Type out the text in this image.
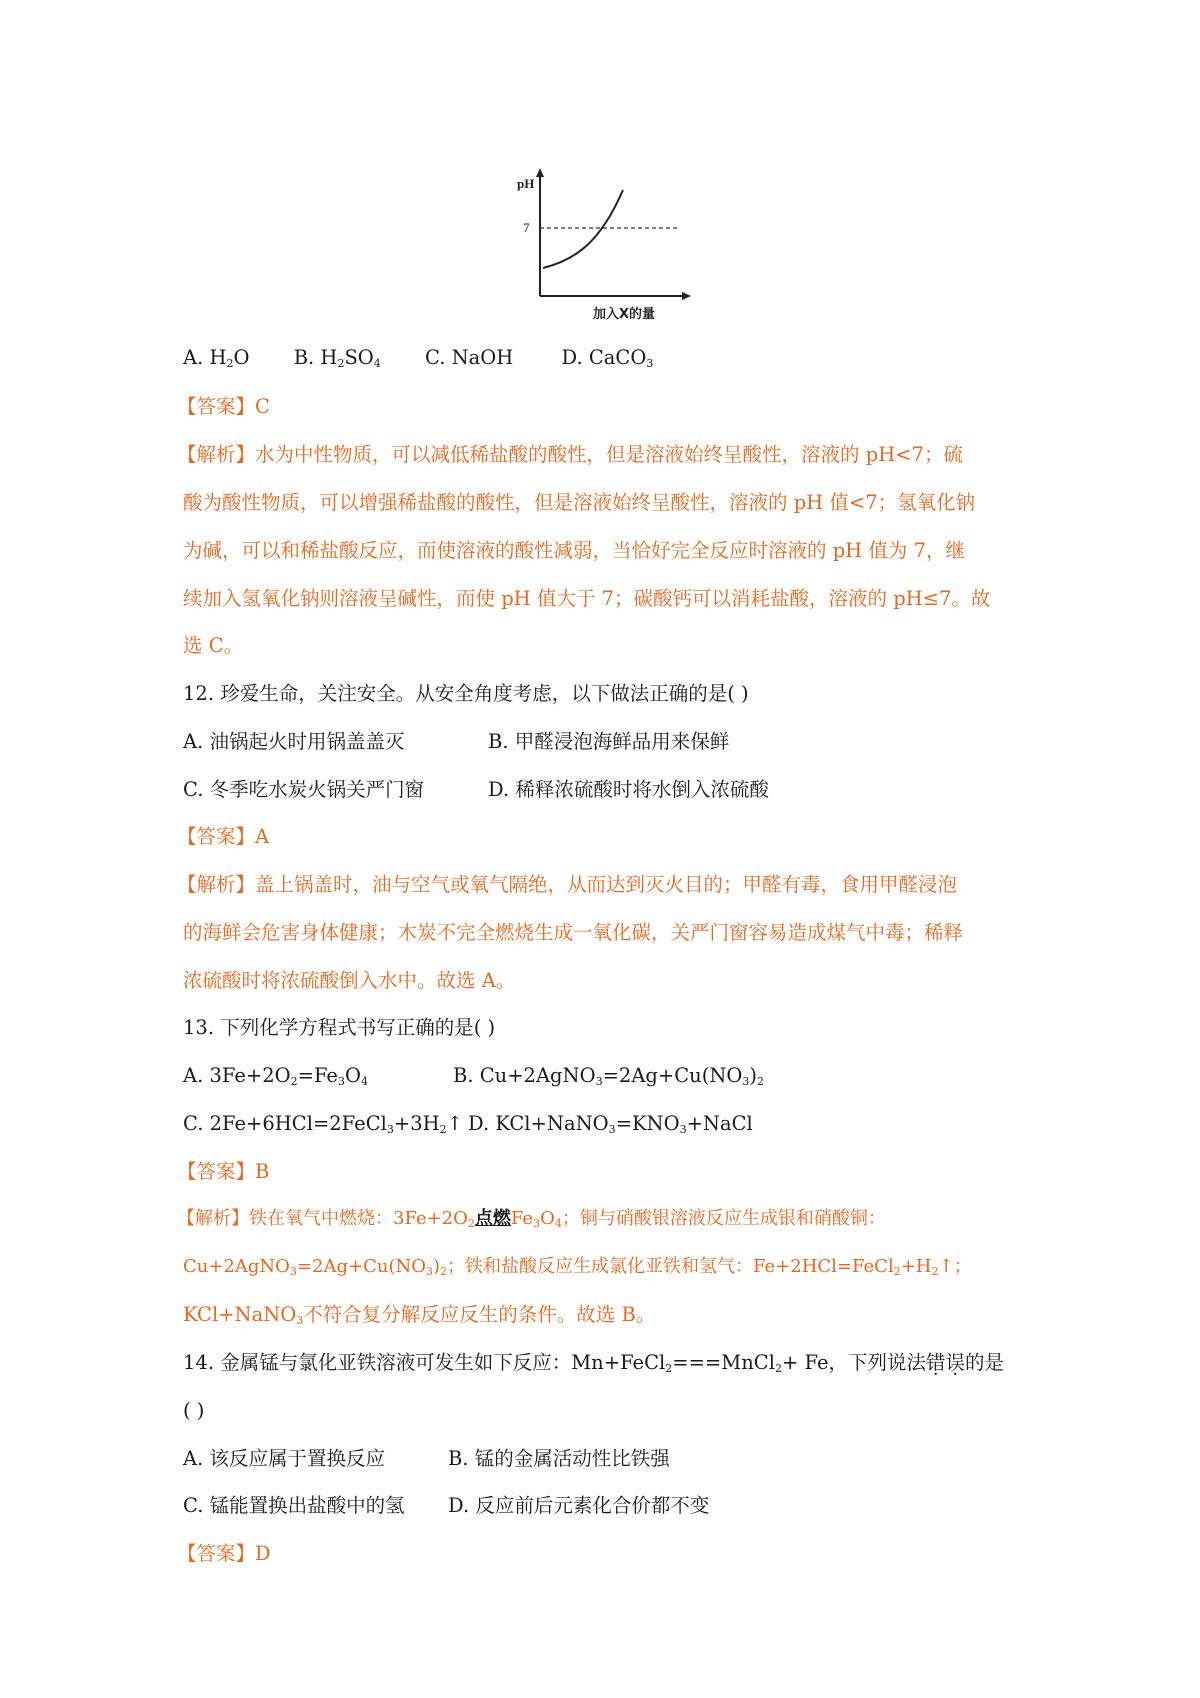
pH
7
加入X的量
A. $H_2O$ B. $H_2SO_4$ C. NaOH D. CaCO$_3$
【答案】C
【解析】水为中性物质，可以减低稀盐酸的酸性，但是溶液始终呈酸性，溶液的 pH<7；硫
酸为酸性物质，可以增强稀盐酸的酸性，但是溶液始终呈酸性，溶液的 pH 值<7；氢氧化钠
为碱，可以和稀盐酸反应，而使溶液的酸性减弱，当恰好完全反应时溶液的 pH 值为 7，继
续加入氢氧化钠则溶液呈碱性，而使 pH 值大于 7；碳酸钙可以消耗盐酸，溶液的 pH≤7。故
选 C。
12. 珍爱生命，关注安全。从安全角度考虑，以下做法正确的是( )
A. 油锅起火时用锅盖盖灭	B. 甲醛浸泡海鲜品用来保鲜
C. 冬季吃水炭火锅关严门窗	D. 稀释浓硫酸时将水倒入浓硫酸
【答案】A
【解析】盖上锅盖时，油与空气或氧气隔绝，从而达到灭火目的；甲醛有毒，食用甲醛浸泡
的海鲜会危害身体健康；木炭不完全燃烧生成一氧化碳，关严门窗容易造成煤气中毒；稀释
浓硫酸时将浓硫酸倒入水中。故选 A。
13. 下列化学方程式书写正确的是( )
A. $3Fe+2O_2=Fe_3O_4$	B. $Cu+2AgNO_3=2Ag+Cu(NO_3)_2$
C. $2Fe+6HCl=2FeCl_3+3H_2↑$ D. $KCl+NaNO_3=KNO_3+NaCl$
【答案】B
【解析】铁在氧气中燃烧：$3Fe+2O_2$点燃$Fe_3O_4$；铜与硝酸银溶液反应生成银和硝酸铜：
$Cu+2AgNO_3=2Ag+Cu(NO_3)_2$；铁和盐酸反应生成氯化亚铁和氢气：$Fe+2HCl=FeCl_2+H_2↑$；
KCl+NaNO$_3$不符合复分解反应反生的条件。故选 B。
14. 金属锰与氯化亚铁溶液可发生如下反应：Mn+FeCl$_2$===MnCl$_2$+ Fe，下列说法错误的是
( )
A. 该反应属于置换反应	B. 锰的金属活动性比铁强
C. 锰能置换出盐酸中的氢 D. 反应前后元素化合价都不变
【答案】D
